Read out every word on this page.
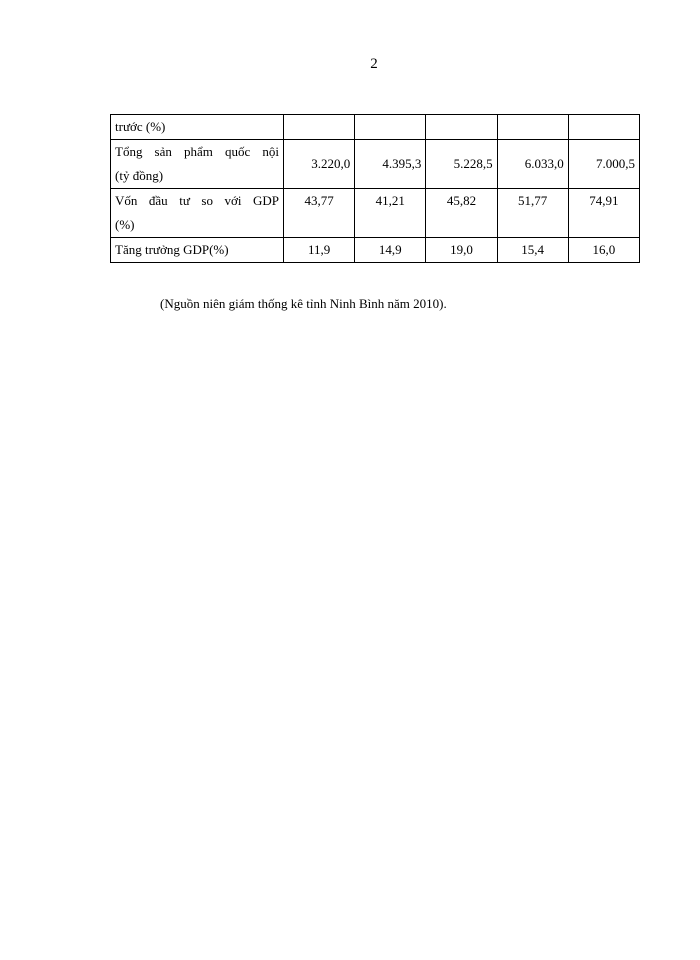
2
trước (%)					

Tổng sản phẩm quốc nội
(tỷ đồng)	3.220,0	4.395,3	5.228,5	6.033,0	7.000,5

Vốn đầu tư so với GDP
(%)	43,77	41,21	45,82	51,77	74,91
Tăng trưởng GDP(%)	11,9	14,9	19,0	15,4	16,0
(Nguồn niên giám thống kê tỉnh Ninh Bình năm 2010).
